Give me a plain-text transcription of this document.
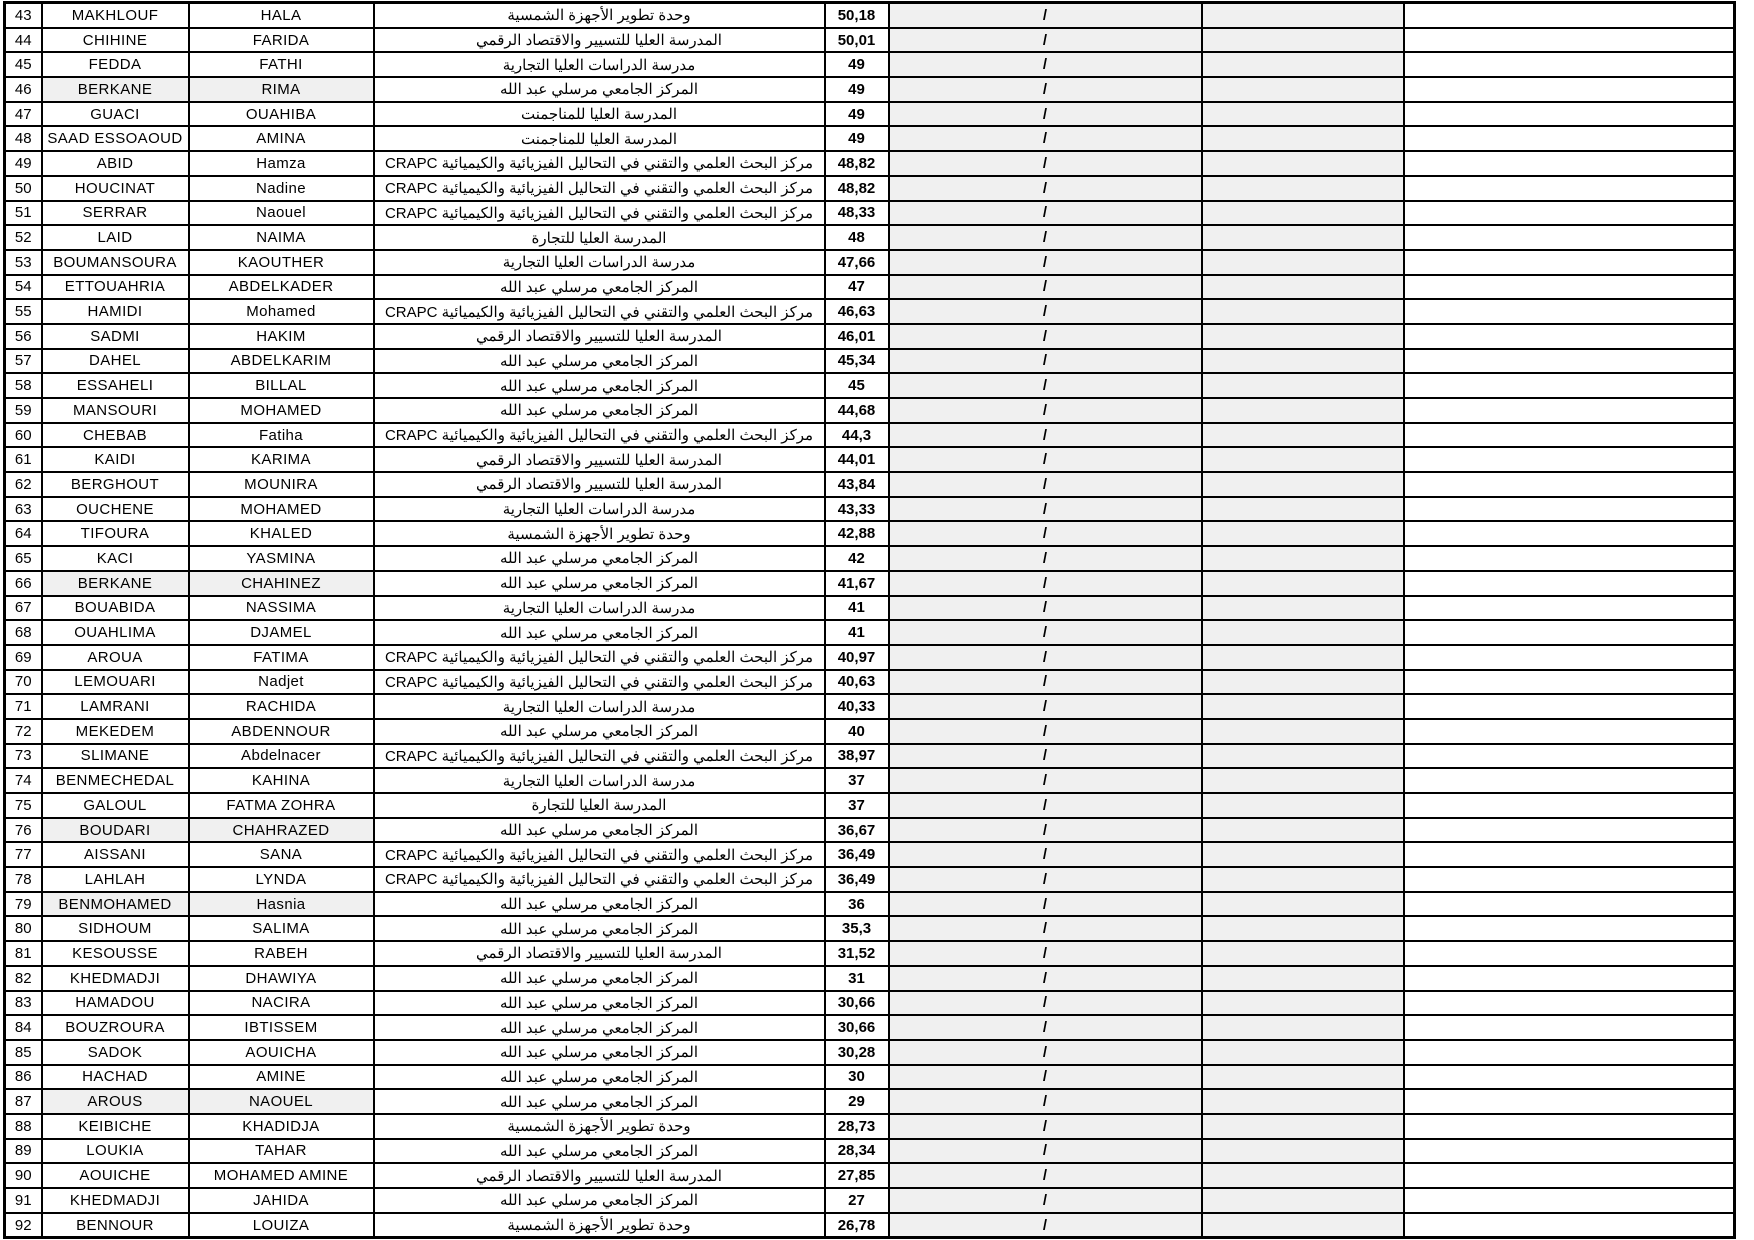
43	MAKHLOUF	HALA	وحدة تطوير الأجهزة الشمسية	50,18	/		
44	CHIHINE	FARIDA	المدرسة العليا للتسيير والاقتصاد الرقمي	50,01	/		
45	FEDDA	FATHI	مدرسة الدراسات العليا التجارية	49	/		
46	BERKANE	RIMA	المركز الجامعي مرسلي عبد الله	49	/		
47	GUACI	OUAHIBA	المدرسة العليا للمناجمنت	49	/		
48	SAAD ESSOAOUD	AMINA	المدرسة العليا للمناجمنت	49	/		
49	ABID	Hamza	مركز البحث العلمي والتقني في التحاليل الفيزيائية والكيميائية CRAPC	48,82	/		
50	HOUCINAT	Nadine	مركز البحث العلمي والتقني في التحاليل الفيزيائية والكيميائية CRAPC	48,82	/		
51	SERRAR	Naouel	مركز البحث العلمي والتقني في التحاليل الفيزيائية والكيميائية CRAPC	48,33	/		
52	LAID	NAIMA	المدرسة العليا للتجارة	48	/		
53	BOUMANSOURA	KAOUTHER	مدرسة الدراسات العليا التجارية	47,66	/		
54	ETTOUAHRIA	ABDELKADER	المركز الجامعي مرسلي عبد الله	47	/		
55	HAMIDI	Mohamed	مركز البحث العلمي والتقني في التحاليل الفيزيائية والكيميائية CRAPC	46,63	/		
56	SADMI	HAKIM	المدرسة العليا للتسيير والاقتصاد الرقمي	46,01	/		
57	DAHEL	ABDELKARIM	المركز الجامعي مرسلي عبد الله	45,34	/		
58	ESSAHELI	BILLAL	المركز الجامعي مرسلي عبد الله	45	/		
59	MANSOURI	MOHAMED	المركز الجامعي مرسلي عبد الله	44,68	/		
60	CHEBAB	Fatiha	مركز البحث العلمي والتقني في التحاليل الفيزيائية والكيميائية CRAPC	44,3	/		
61	KAIDI	KARIMA	المدرسة العليا للتسيير والاقتصاد الرقمي	44,01	/		
62	BERGHOUT	MOUNIRA	المدرسة العليا للتسيير والاقتصاد الرقمي	43,84	/		
63	OUCHENE	MOHAMED	مدرسة الدراسات العليا التجارية	43,33	/		
64	TIFOURA	KHALED	وحدة تطوير الأجهزة الشمسية	42,88	/		
65	KACI	YASMINA	المركز الجامعي مرسلي عبد الله	42	/		
66	BERKANE	CHAHINEZ	المركز الجامعي مرسلي عبد الله	41,67	/		
67	BOUABIDA	NASSIMA	مدرسة الدراسات العليا التجارية	41	/		
68	OUAHLIMA	DJAMEL	المركز الجامعي مرسلي عبد الله	41	/		
69	AROUA	FATIMA	مركز البحث العلمي والتقني في التحاليل الفيزيائية والكيميائية CRAPC	40,97	/		
70	LEMOUARI	Nadjet	مركز البحث العلمي والتقني في التحاليل الفيزيائية والكيميائية CRAPC	40,63	/		
71	LAMRANI	RACHIDA	مدرسة الدراسات العليا التجارية	40,33	/		
72	MEKEDEM	ABDENNOUR	المركز الجامعي مرسلي عبد الله	40	/		
73	SLIMANE	Abdelnacer	مركز البحث العلمي والتقني في التحاليل الفيزيائية والكيميائية CRAPC	38,97	/		
74	BENMECHEDAL	KAHINA	مدرسة الدراسات العليا التجارية	37	/		
75	GALOUL	FATMA ZOHRA	المدرسة العليا للتجارة	37	/		
76	BOUDARI	CHAHRAZED	المركز الجامعي مرسلي عبد الله	36,67	/		
77	AISSANI	SANA	مركز البحث العلمي والتقني في التحاليل الفيزيائية والكيميائية CRAPC	36,49	/		
78	LAHLAH	LYNDA	مركز البحث العلمي والتقني في التحاليل الفيزيائية والكيميائية CRAPC	36,49	/		
79	BENMOHAMED	Hasnia	المركز الجامعي مرسلي عبد الله	36	/		
80	SIDHOUM	SALIMA	المركز الجامعي مرسلي عبد الله	35,3	/		
81	KESOUSSE	RABEH	المدرسة العليا للتسيير والاقتصاد الرقمي	31,52	/		
82	KHEDMADJI	DHAWIYA	المركز الجامعي مرسلي عبد الله	31	/		
83	HAMADOU	NACIRA	المركز الجامعي مرسلي عبد الله	30,66	/		
84	BOUZROURA	IBTISSEM	المركز الجامعي مرسلي عبد الله	30,66	/		
85	SADOK	AOUICHA	المركز الجامعي مرسلي عبد الله	30,28	/		
86	HACHAD	AMINE	المركز الجامعي مرسلي عبد الله	30	/		
87	AROUS	NAOUEL	المركز الجامعي مرسلي عبد الله	29	/		
88	KEIBICHE	KHADIDJA	وحدة تطوير الأجهزة الشمسية	28,73	/		
89	LOUKIA	TAHAR	المركز الجامعي مرسلي عبد الله	28,34	/		
90	AOUICHE	MOHAMED AMINE	المدرسة العليا للتسيير والاقتصاد الرقمي	27,85	/		
91	KHEDMADJI	JAHIDA	المركز الجامعي مرسلي عبد الله	27	/		
92	BENNOUR	LOUIZA	وحدة تطوير الأجهزة الشمسية	26,78	/		
